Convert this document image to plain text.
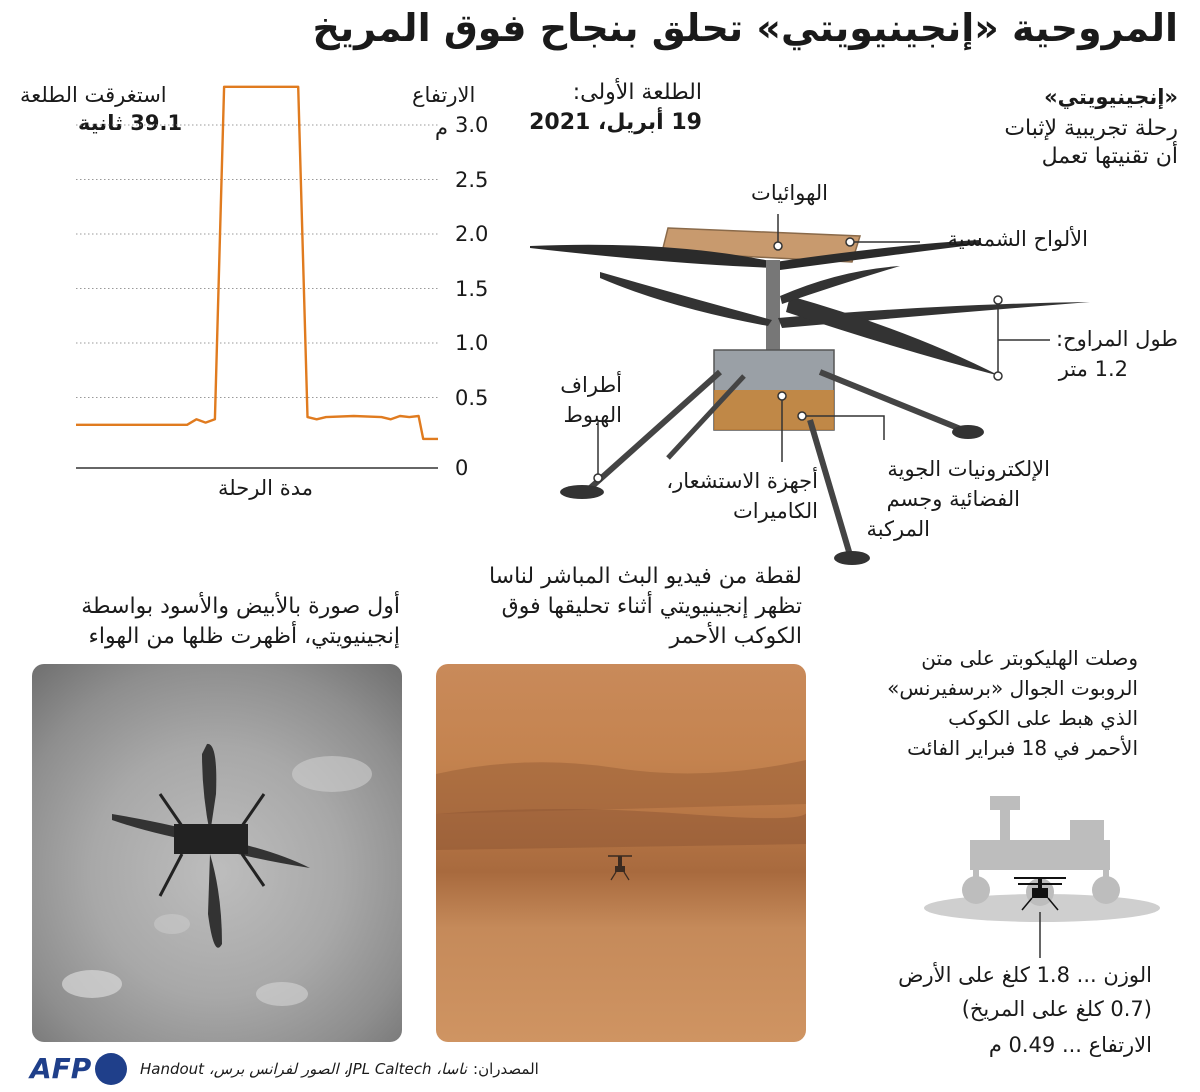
المروحية «إنجينيويتي» تحلق بنجاح فوق المريخ
الارتفاع
استغرقت الطلعة
39.1 ثانية	م 3.0
2.5
2.0
1.5
1.0
0.5
0
مدة الرحلة
الطلعة الأولى:
19 أبريل، 2021
«إنجينيويتي»
رحلة تجريبية لإثبات
أن تقنيتها تعمل
الهوائيات
الألواح الشمسية
طول المراوح:
1.2 متر
أطراف
الهبوط
أجهزة الاستشعار،
الكاميرات
الإلكترونيات الجوية
الفضائية وجسم
المركبة
أول صورة بالأبيض والأسود بواسطة
إنجينيويتي، أظهرت ظلها من الهواء
لقطة من فيديو البث المباشر لناسا
تظهر إنجينيويتي أثناء تحليقها فوق
الكوكب الأحمر
وصلت الهليكوبتر على متن
الروبوت الجوال «برسفيرنس»
الذي هبط على الكوكب
الأحمر في 18 فبراير الفائت
الوزن ... 1.8 كلغ على الأرض
(0.7 كلغ على المريخ)
الارتفاع ... 0.49 م
AFP	المصدران:
ناسا، JPL Caltech، الصور لفرانس برس، Handout
